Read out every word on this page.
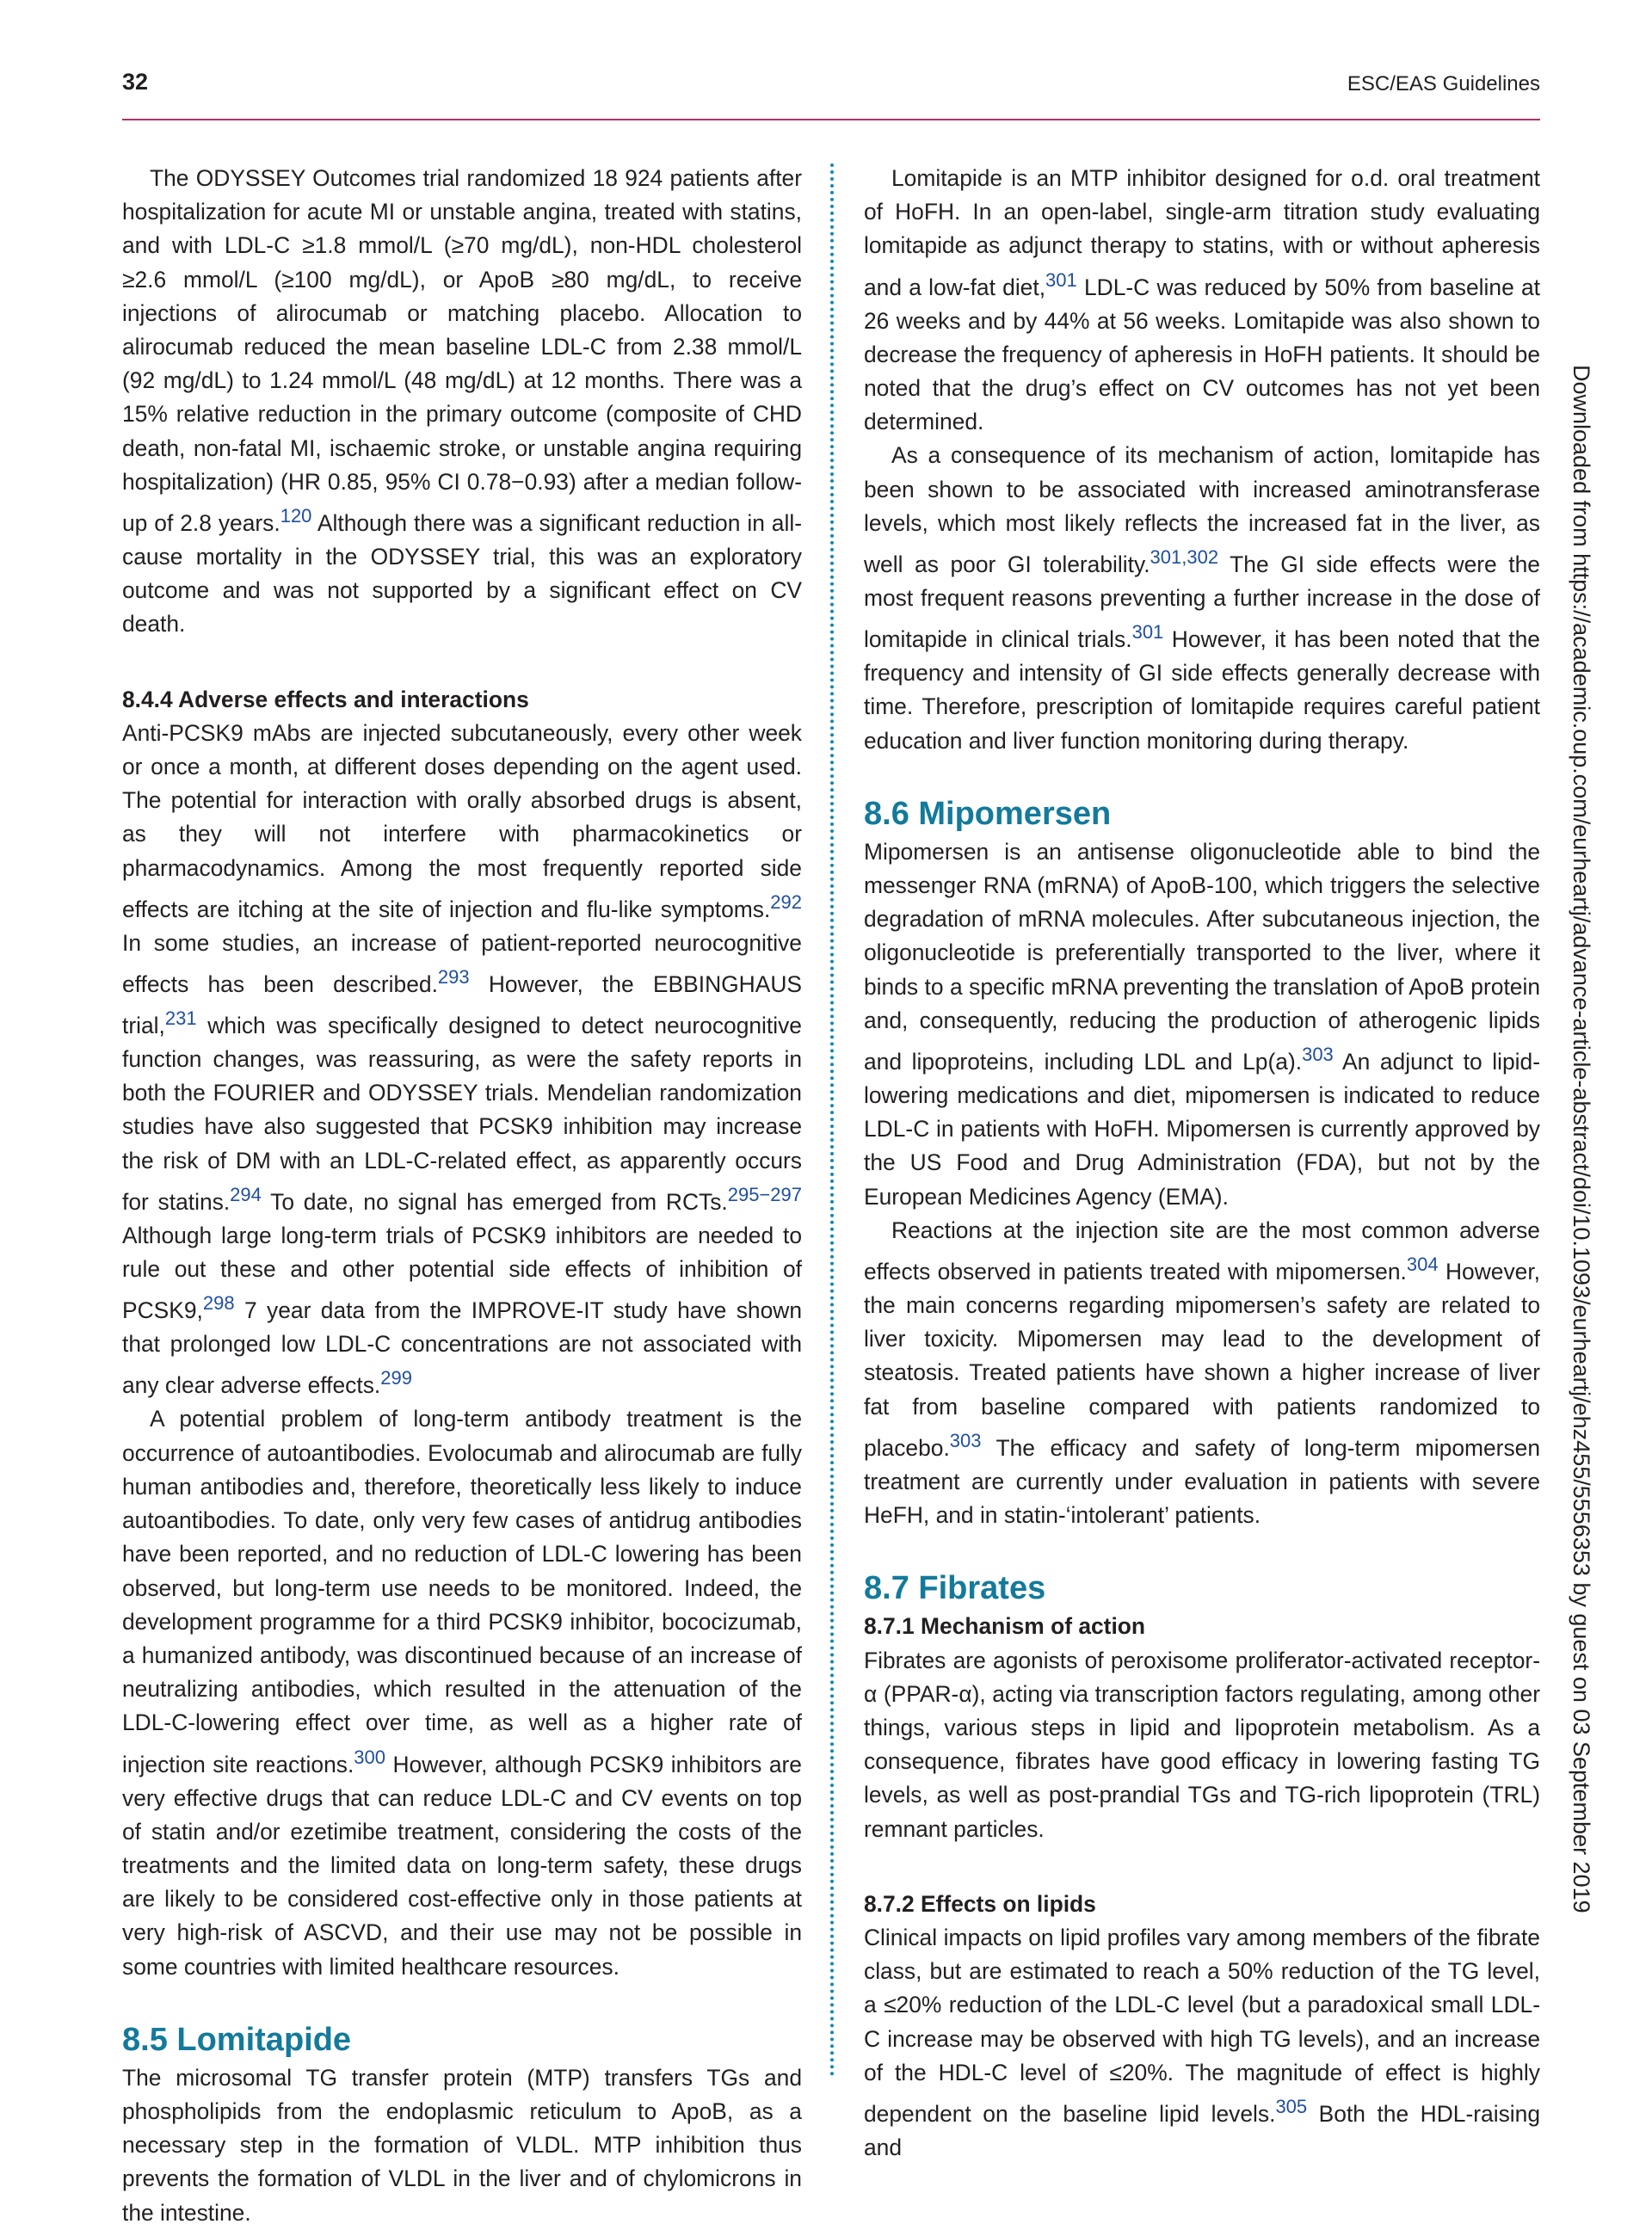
32	ESC/EAS Guidelines

The ODYSSEY Outcomes trial randomized 18 924 patients after hospitalization for acute MI or unstable angina, treated with statins, and with LDL-C ≥1.8 mmol/L (≥70 mg/dL), non-HDL cholesterol ≥2.6 mmol/L (≥100 mg/dL), or ApoB ≥80 mg/dL, to receive injections of alirocumab or matching placebo. Allocation to alirocumab reduced the mean baseline LDL-C from 2.38 mmol/L (92 mg/dL) to 1.24 mmol/L (48 mg/dL) at 12 months. There was a 15% relative reduction in the primary outcome (composite of CHD death, non-fatal MI, ischaemic stroke, or unstable angina requiring hospitalization) (HR 0.85, 95% CI 0.78−0.93) after a median follow-up of 2.8 years.$^{120}$ Although there was a significant reduction in all-cause mortality in the ODYSSEY trial, this was an exploratory outcome and was not supported by a significant effect on CV death.

8.4.4 Adverse effects and interactions

Anti-PCSK9 mAbs are injected subcutaneously, every other week or once a month, at different doses depending on the agent used. The potential for interaction with orally absorbed drugs is absent, as they will not interfere with pharmacokinetics or pharmacodynamics. Among the most frequently reported side effects are itching at the site of injection and flu-like symptoms.$^{292}$ In some studies, an increase of patient-reported neurocognitive effects has been described.$^{293}$ However, the EBBINGHAUS trial,$^{231}$ which was specifically designed to detect neurocognitive function changes, was reassuring, as were the safety reports in both the FOURIER and ODYSSEY trials. Mendelian randomization studies have also suggested that PCSK9 inhibition may increase the risk of DM with an LDL-C-related effect, as apparently occurs for statins.$^{294}$ To date, no signal has emerged from RCTs.$^{295-297}$ Although large long-term trials of PCSK9 inhibitors are needed to rule out these and other potential side effects of inhibition of PCSK9,$^{298}$ 7 year data from the IMPROVE-IT study have shown that prolonged low LDL-C concentrations are not associated with any clear adverse effects.$^{299}$

A potential problem of long-term antibody treatment is the occurrence of autoantibodies. Evolocumab and alirocumab are fully human antibodies and, therefore, theoretically less likely to induce autoantibodies. To date, only very few cases of antidrug antibodies have been reported, and no reduction of LDL-C lowering has been observed, but long-term use needs to be monitored. Indeed, the development programme for a third PCSK9 inhibitor, bococizumab, a humanized antibody, was discontinued because of an increase of neutralizing antibodies, which resulted in the attenuation of the LDL-C-lowering effect over time, as well as a higher rate of injection site reactions.$^{300}$ However, although PCSK9 inhibitors are very effective drugs that can reduce LDL-C and CV events on top of statin and/or ezetimibe treatment, considering the costs of the treatments and the limited data on long-term safety, these drugs are likely to be considered cost-effective only in those patients at very high-risk of ASCVD, and their use may not be possible in some countries with limited healthcare resources.

8.5 Lomitapide

The microsomal TG transfer protein (MTP) transfers TGs and phospholipids from the endoplasmic reticulum to ApoB, as a necessary step in the formation of VLDL. MTP inhibition thus prevents the formation of VLDL in the liver and of chylomicrons in the intestine.

Lomitapide is an MTP inhibitor designed for o.d. oral treatment of HoFH. In an open-label, single-arm titration study evaluating lomitapide as adjunct therapy to statins, with or without apheresis and a low-fat diet,$^{301}$ LDL-C was reduced by 50% from baseline at 26 weeks and by 44% at 56 weeks. Lomitapide was also shown to decrease the frequency of apheresis in HoFH patients. It should be noted that the drug’s effect on CV outcomes has not yet been determined.

As a consequence of its mechanism of action, lomitapide has been shown to be associated with increased aminotransferase levels, which most likely reflects the increased fat in the liver, as well as poor GI tolerability.$^{301,302}$ The GI side effects were the most frequent reasons preventing a further increase in the dose of lomitapide in clinical trials.$^{301}$ However, it has been noted that the frequency and intensity of GI side effects generally decrease with time. Therefore, prescription of lomitapide requires careful patient education and liver function monitoring during therapy.

8.6 Mipomersen

Mipomersen is an antisense oligonucleotide able to bind the messenger RNA (mRNA) of ApoB-100, which triggers the selective degradation of mRNA molecules. After subcutaneous injection, the oligonucleotide is preferentially transported to the liver, where it binds to a specific mRNA preventing the translation of ApoB protein and, consequently, reducing the production of atherogenic lipids and lipoproteins, including LDL and Lp(a).$^{303}$ An adjunct to lipid-lowering medications and diet, mipomersen is indicated to reduce LDL-C in patients with HoFH. Mipomersen is currently approved by the US Food and Drug Administration (FDA), but not by the European Medicines Agency (EMA).

Reactions at the injection site are the most common adverse effects observed in patients treated with mipomersen.$^{304}$ However, the main concerns regarding mipomersen’s safety are related to liver toxicity. Mipomersen may lead to the development of steatosis. Treated patients have shown a higher increase of liver fat from baseline compared with patients randomized to placebo.$^{303}$ The efficacy and safety of long-term mipomersen treatment are currently under evaluation in patients with severe HeFH, and in statin-‘intolerant’ patients.

8.7 Fibrates
8.7.1 Mechanism of action

Fibrates are agonists of peroxisome proliferator-activated receptor-α (PPAR-α), acting via transcription factors regulating, among other things, various steps in lipid and lipoprotein metabolism. As a consequence, fibrates have good efficacy in lowering fasting TG levels, as well as post-prandial TGs and TG-rich lipoprotein (TRL) remnant particles.

8.7.2 Effects on lipids

Clinical impacts on lipid profiles vary among members of the fibrate class, but are estimated to reach a 50% reduction of the TG level, a ≤20% reduction of the LDL-C level (but a paradoxical small LDL-C increase may be observed with high TG levels), and an increase of the HDL-C level of ≤20%. The magnitude of effect is highly dependent on the baseline lipid levels.$^{305}$ Both the HDL-raising and

Downloaded from https://academic.oup.com/eurheartj/advance-article-abstract/doi/10.1093/eurheartj/ehz455/5556353 by guest on 03 September 2019
